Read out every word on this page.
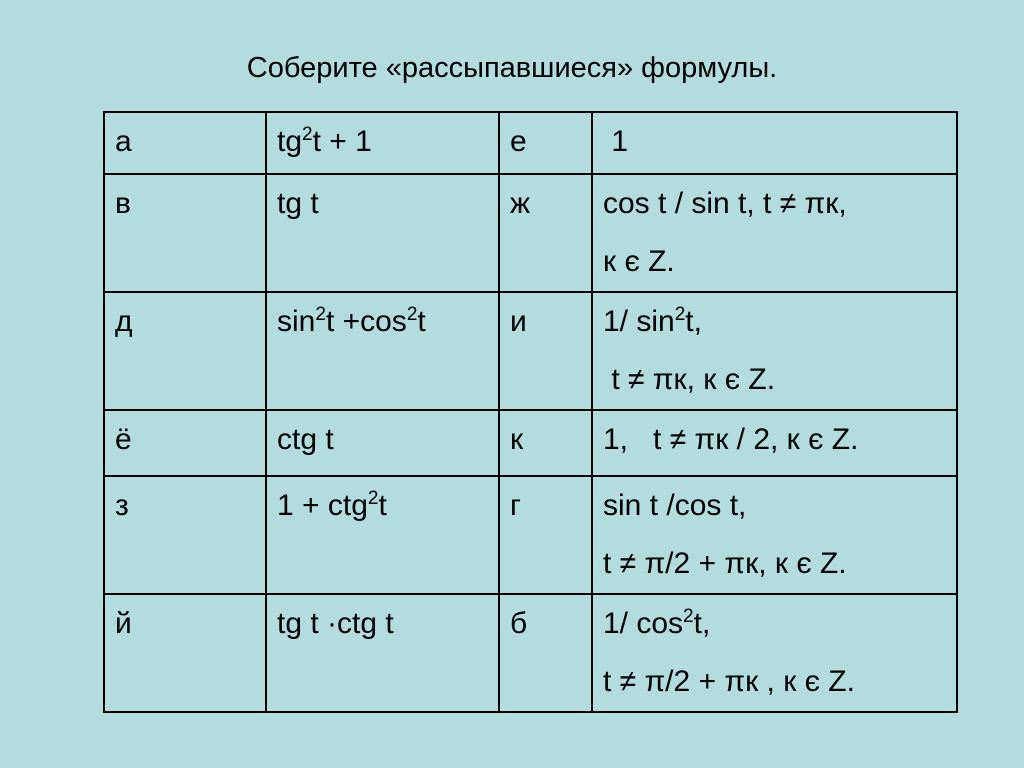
Соберите «рассыпавшиеся» формулы.
а	$tg^2t + 1$	е	1

в	tg t	ж	cos t / sin t, t ≠ πк,
к є Z.

д	$\sin^2t +\cos^2t$	и	1/ $\sin^2t$,
t ≠ πк, к є Z.

ё	ctg t	к	1,   t ≠ πк / 2, к є Z.

з	1 + ctg$^2$t	г	sin t /cos t,
t ≠ π/2 + πк, к є Z.

й	tg t ·ctg t	б	1/ $\cos^2t$,
t ≠ π/2 + πк , к є Z.
